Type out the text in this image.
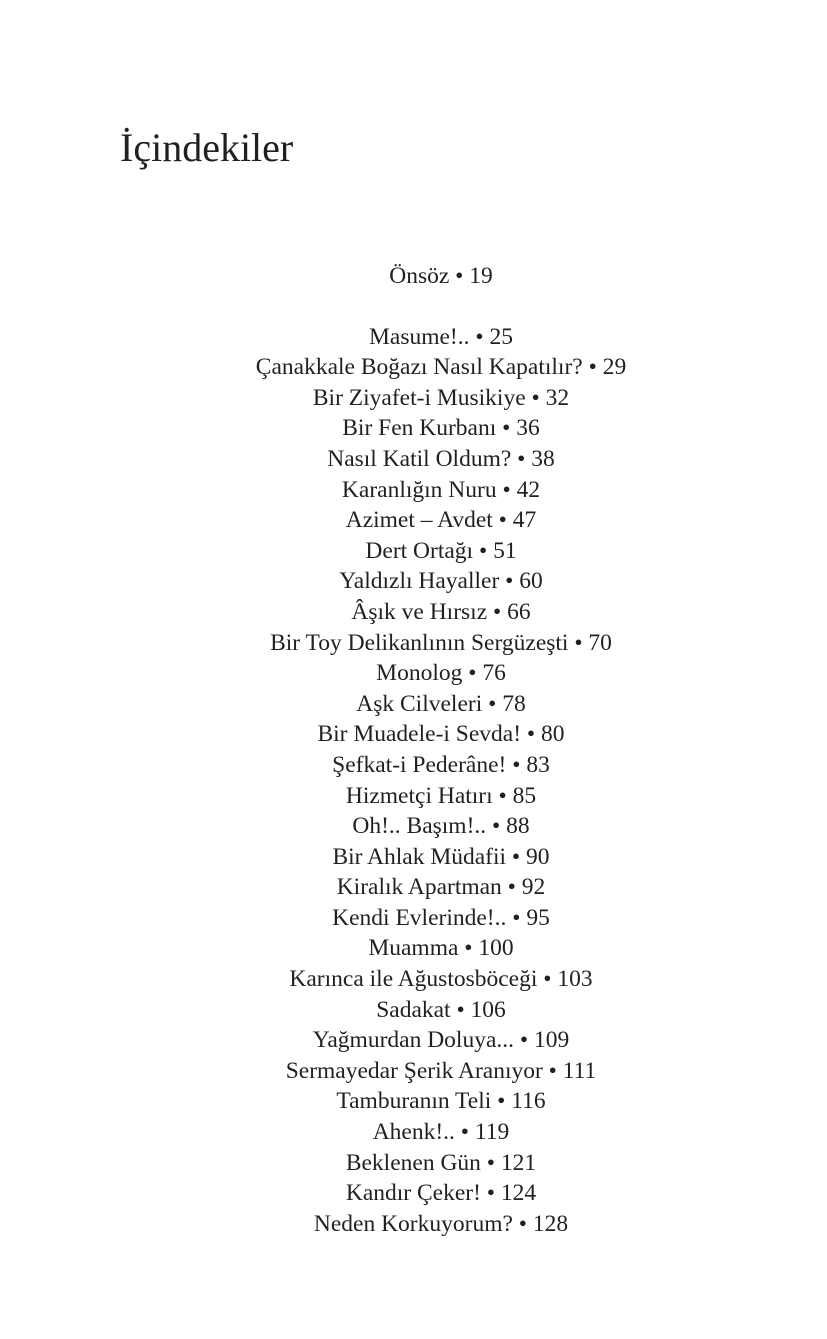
İçindekiler
Önsöz • 19
Masume!.. • 25
Çanakkale Boğazı Nasıl Kapatılır? • 29
Bir Ziyafet-i Musikiye • 32
Bir Fen Kurbanı • 36
Nasıl Katil Oldum? • 38
Karanlığın Nuru • 42
Azimet – Avdet • 47
Dert Ortağı • 51
Yaldızlı Hayaller • 60
Âşık ve Hırsız • 66
Bir Toy Delikanlının Sergüzeşti • 70
Monolog • 76
Aşk Cilveleri • 78
Bir Muadele-i Sevda! • 80
Şefkat-i Pederâne! • 83
Hizmetçi Hatırı • 85
Oh!.. Başım!.. • 88
Bir Ahlak Müdafii • 90
Kiralık Apartman • 92
Kendi Evlerinde!.. • 95
Muamma • 100
Karınca ile Ağustosböceği • 103
Sadakat • 106
Yağmurdan Doluya... • 109
Sermayedar Şerik Aranıyor • 111
Tamburanın Teli • 116
Ahenk!.. • 119
Beklenen Gün • 121
Kandır Çeker! • 124
Neden Korkuyorum? • 128
